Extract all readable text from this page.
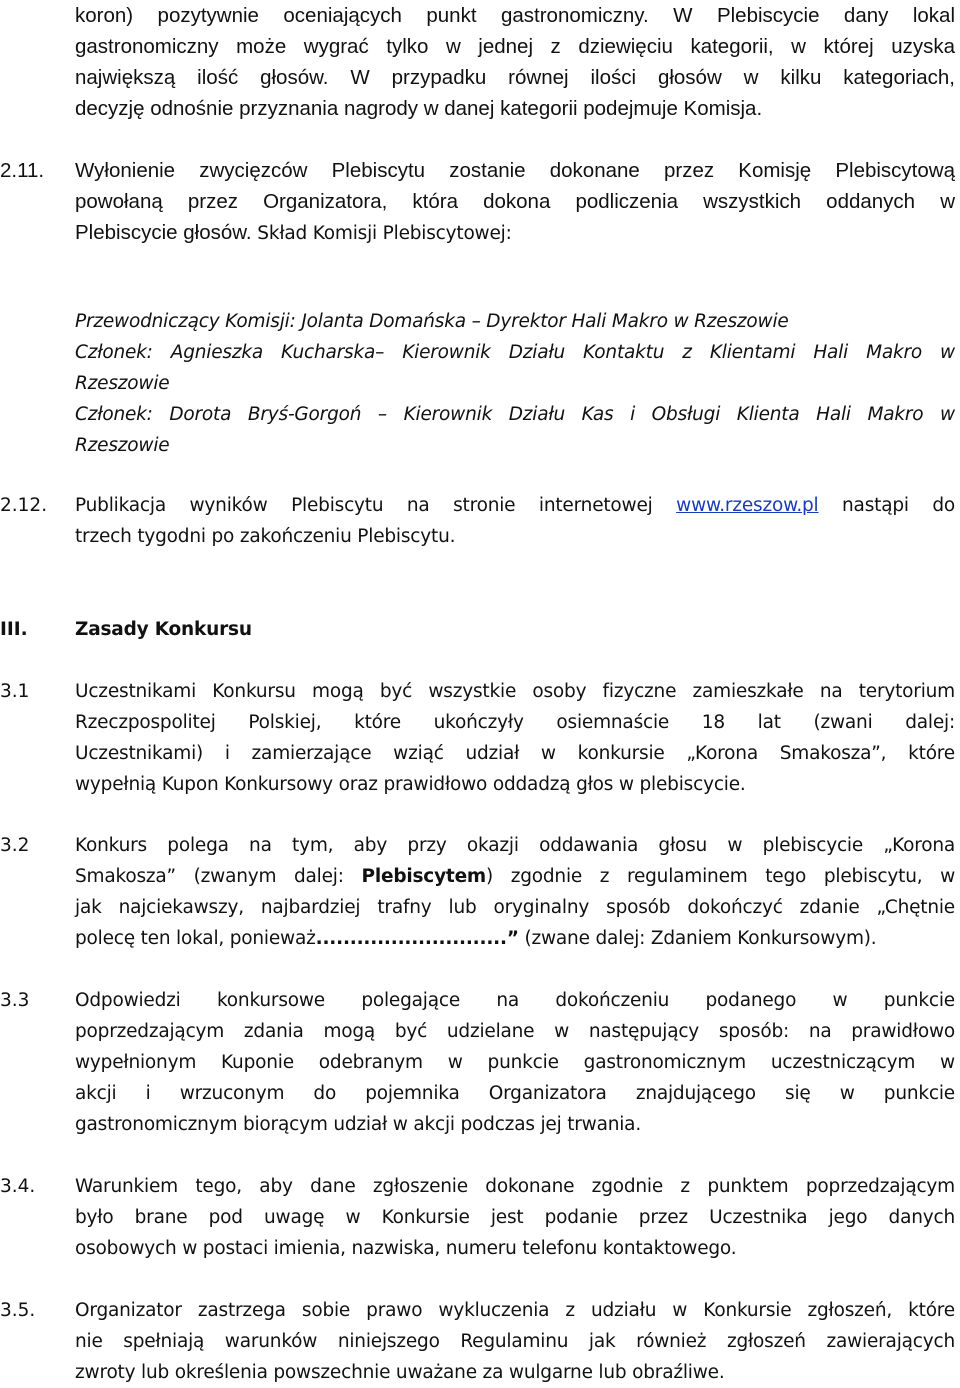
koron) pozytywnie oceniających punkt gastronomiczny. W Plebiscycie dany lokal
gastronomiczny może wygrać tylko w jednej z dziewięciu kategorii, w której uzyska
największą ilość głosów. W przypadku równej ilości głosów w kilku kategoriach,
decyzję odnośnie przyznania nagrody w danej kategorii podejmuje Komisja.
2.11.	Wyłonienie zwycięzców Plebiscytu zostanie dokonane przez Komisję Plebiscytową
powołaną przez Organizatora, która dokona podliczenia wszystkich oddanych w
Plebiscycie głosów. Skład Komisji Plebiscytowej:
Przewodniczący Komisji: Jolanta Domańska – Dyrektor Hali Makro w Rzeszowie
Członek: Agnieszka Kucharska– Kierownik Działu Kontaktu z Klientami Hali Makro w
Rzeszowie
Członek: Dorota Bryś-Gorgoń – Kierownik Działu Kas i Obsługi Klienta Hali Makro w
Rzeszowie
2.12.	Publikacja wyników Plebiscytu na stronie internetowej www.rzeszow.pl nastąpi do
trzech tygodni po zakończeniu Plebiscytu.
III.	Zasady Konkursu
3.1	Uczestnikami Konkursu mogą być wszystkie osoby fizyczne zamieszkałe na terytorium
Rzeczpospolitej Polskiej, które ukończyły osiemnaście 18 lat (zwani dalej:
Uczestnikami) i zamierzające wziąć udział w konkursie „Korona Smakosza”, które
wypełnią Kupon Konkursowy oraz prawidłowo oddadzą głos w plebiscycie.
3.2	Konkurs polega na tym, aby przy okazji oddawania głosu w plebiscycie „Korona
Smakosza” (zwanym dalej: Plebiscytem) zgodnie z regulaminem tego plebiscytu, w
jak najciekawszy, najbardziej trafny lub oryginalny sposób dokończyć zdanie „Chętnie
polecę ten lokal, ponieważ............................” (zwane dalej: Zdaniem Konkursowym).
3.3	Odpowiedzi konkursowe polegające na dokończeniu podanego w punkcie
poprzedzającym zdania mogą być udzielane w następujący sposób: na prawidłowo
wypełnionym Kuponie odebranym w punkcie gastronomicznym uczestniczącym w
akcji i wrzuconym do pojemnika Organizatora znajdującego się w punkcie
gastronomicznym biorącym udział w akcji podczas jej trwania.
3.4.	Warunkiem tego, aby dane zgłoszenie dokonane zgodnie z punktem poprzedzającym
było brane pod uwagę w Konkursie jest podanie przez Uczestnika jego danych
osobowych w postaci imienia, nazwiska, numeru telefonu kontaktowego.
3.5.	Organizator zastrzega sobie prawo wykluczenia z udziału w Konkursie zgłoszeń, które
nie spełniają warunków niniejszego Regulaminu jak również zgłoszeń zawierających
zwroty lub określenia powszechnie uważane za wulgarne lub obraźliwe.
